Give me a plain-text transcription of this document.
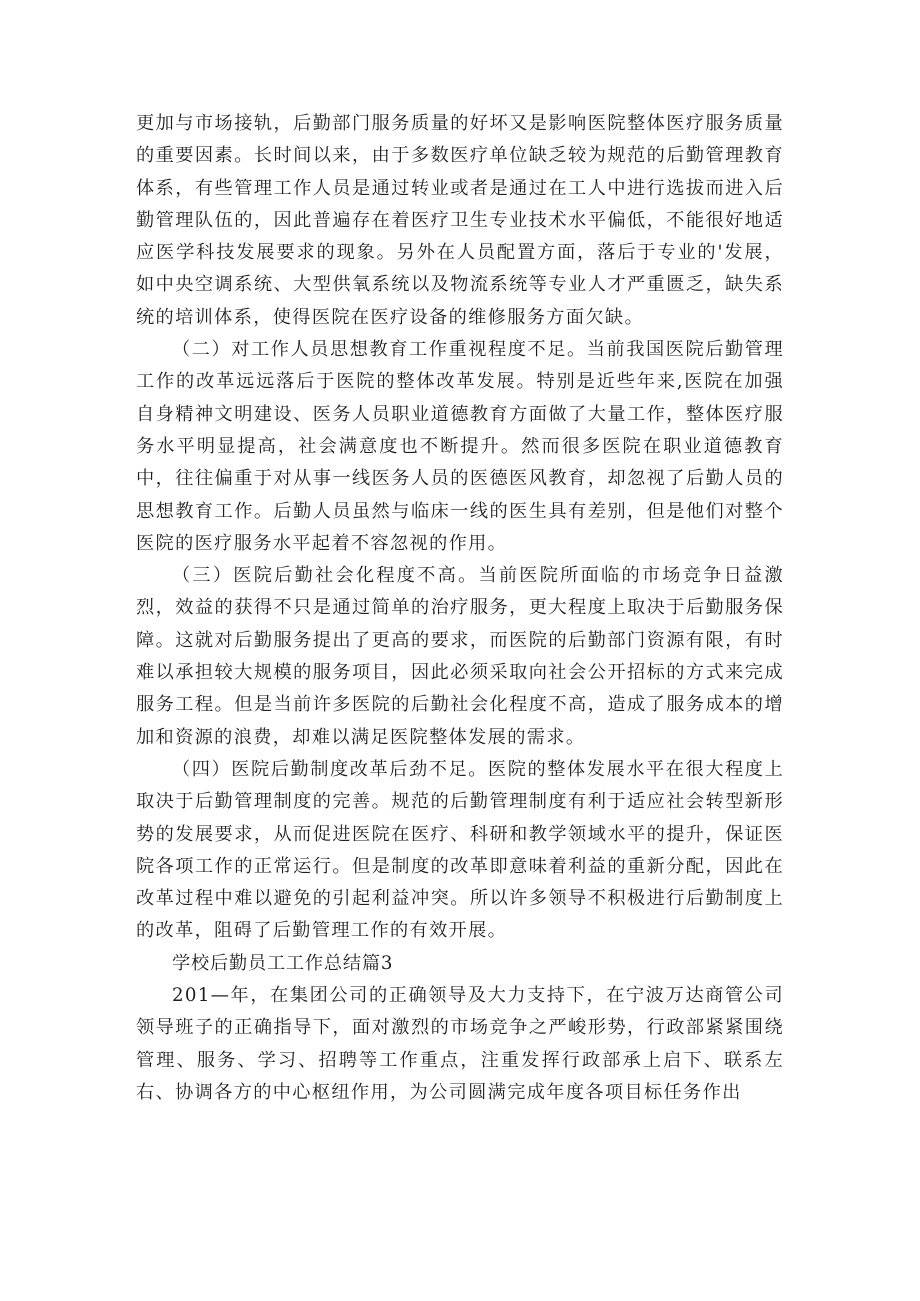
更加与市场接轨，后勤部门服务质量的好坏又是影响医院整体医疗服务质量的重要因素。长时间以来，由于多数医疗单位缺乏较为规范的后勤管理教育体系，有些管理工作人员是通过转业或者是通过在工人中进行选拔而进入后勤管理队伍的，因此普遍存在着医疗卫生专业技术水平偏低，不能很好地适应医学科技发展要求的现象。另外在人员配置方面，落后于专业的'发展，如中央空调系统、大型供氧系统以及物流系统等专业人才严重匮乏，缺失系统的培训体系，使得医院在医疗设备的维修服务方面欠缺。

（二）对工作人员思想教育工作重视程度不足。当前我国医院后勤管理工作的改革远远落后于医院的整体改革发展。特别是近些年来,医院在加强自身精神文明建设、医务人员职业道德教育方面做了大量工作，整体医疗服务水平明显提高，社会满意度也不断提升。然而很多医院在职业道德教育中，往往偏重于对从事一线医务人员的医德医风教育，却忽视了后勤人员的思想教育工作。后勤人员虽然与临床一线的医生具有差别，但是他们对整个医院的医疗服务水平起着不容忽视的作用。

（三）医院后勤社会化程度不高。当前医院所面临的市场竞争日益激烈，效益的获得不只是通过简单的治疗服务，更大程度上取决于后勤服务保障。这就对后勤服务提出了更高的要求，而医院的后勤部门资源有限，有时难以承担较大规模的服务项目，因此必须采取向社会公开招标的方式来完成服务工程。但是当前许多医院的后勤社会化程度不高，造成了服务成本的增加和资源的浪费，却难以满足医院整体发展的需求。

（四）医院后勤制度改革后劲不足。医院的整体发展水平在很大程度上取决于后勤管理制度的完善。规范的后勤管理制度有利于适应社会转型新形势的发展要求，从而促进医院在医疗、科研和教学领域水平的提升，保证医院各项工作的正常运行。但是制度的改革即意味着利益的重新分配，因此在改革过程中难以避免的引起利益冲突。所以许多领导不积极进行后勤制度上的改革，阻碍了后勤管理工作的有效开展。

学校后勤员工工作总结篇3

201—年，在集团公司的正确领导及大力支持下，在宁波万达商管公司领导班子的正确指导下，面对激烈的市场竞争之严峻形势，行政部紧紧围绕管理、服务、学习、招聘等工作重点，注重发挥行政部承上启下、联系左右、协调各方的中心枢纽作用，为公司圆满完成年度各项目标任务作出
